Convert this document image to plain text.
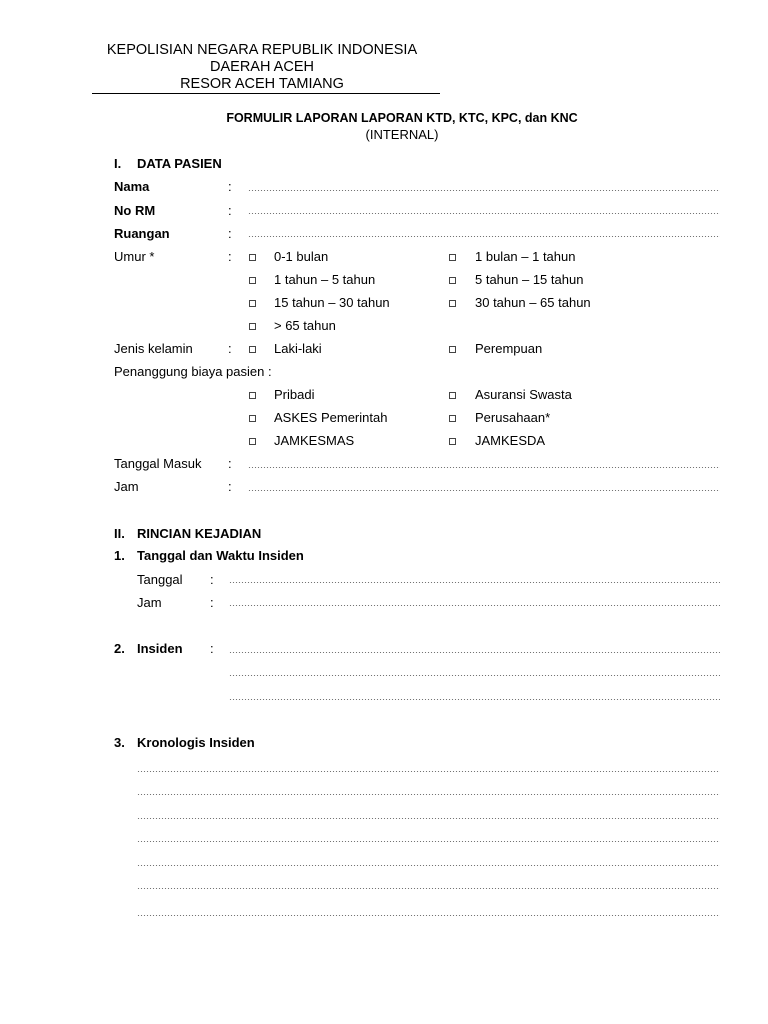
KEPOLISIAN NEGARA REPUBLIK INDONESIA
DAERAH ACEH
RESOR ACEH TAMIANG
FORMULIR LAPORAN LAPORAN KTD, KTC, KPC, dan KNC
(INTERNAL)
I. DATA PASIEN
Nama	:
No RM	:
Ruangan	:
Umur *	:	0-1 bulan	1 bulan – 1 tahun
1 tahun – 5 tahun	5 tahun – 15 tahun
15 tahun – 30 tahun	30 tahun – 65 tahun
> 65 tahun
Jenis kelamin	:	Laki-laki	Perempuan
Penanggung biaya pasien :
Pribadi	Asuransi Swasta
ASKES Pemerintah	Perusahaan*
JAMKESMAS	JAMKESDA
Tanggal Masuk :
Jam	:
II. RINCIAN KEJADIAN
1. Tanggal dan Waktu Insiden
Tanggal :
Jam	:
2. Insiden :
3. Kronologis Insiden
